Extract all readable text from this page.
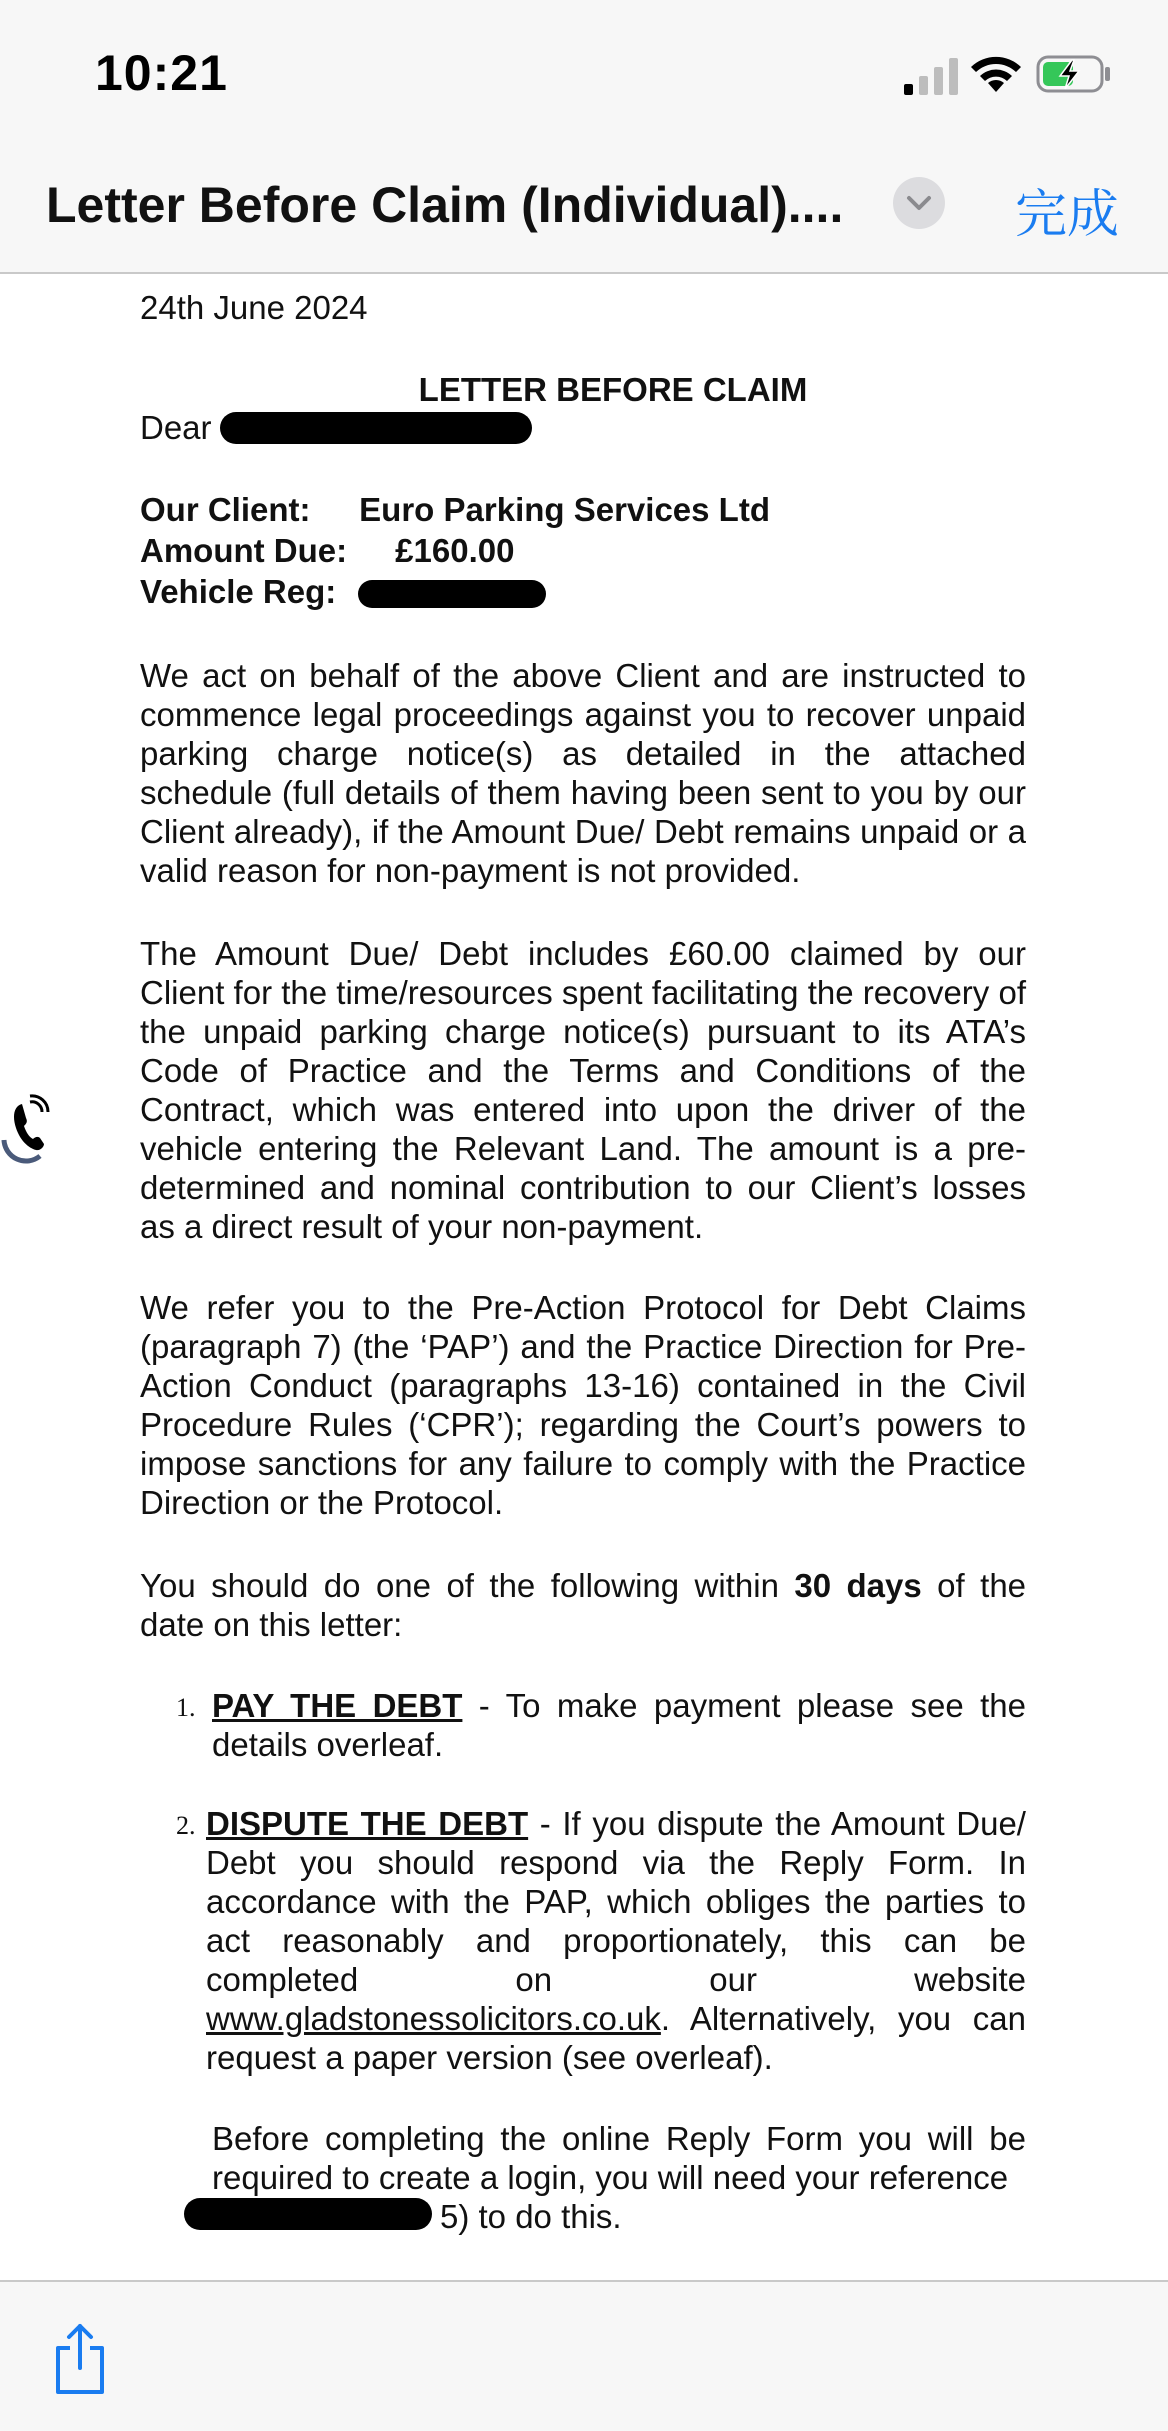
10:21
Letter Before Claim (Individual)....	完成
24th June 2024
LETTER BEFORE CLAIM
Dear
Our Client: Euro Parking Services Ltd
Amount Due: £160.00
Vehicle Reg:
We act on behalf of the above Client and are instructed to commence legal proceedings against you to recover unpaid parking charge notice(s) as detailed in the attached schedule (full details of them having been sent to you by our Client already), if the Amount Due/ Debt remains unpaid or a valid reason for non-payment is not provided.
The Amount Due/ Debt includes £60.00 claimed by our Client for the time/resources spent facilitating the recovery of the unpaid parking charge notice(s) pursuant to its ATA’s Code of Practice and the Terms and Conditions of the Contract, which was entered into upon the driver of the vehicle entering the Relevant Land. The amount is a pre-determined and nominal contribution to our Client’s losses as a direct result of your non-payment.
We refer you to the Pre-Action Protocol for Debt Claims (paragraph 7) (the ‘PAP’) and the Practice Direction for Pre-Action Conduct (paragraphs 13-16) contained in the Civil Procedure Rules (‘CPR’); regarding the Court’s powers to impose sanctions for any failure to comply with the Practice Direction or the Protocol.
You should do one of the following within 30 days of the date on this letter:
1. PAY THE DEBT - To make payment please see the details overleaf.
2. DISPUTE THE DEBT - If you dispute the Amount Due/ Debt you should respond via the Reply Form. In accordance with the PAP, which obliges the parties to act reasonably and proportionately, this can be completed on our website www.gladstonessolicitors.co.uk. Alternatively, you can request a paper version (see overleaf).
Before completing the online Reply Form you will be required to create a login, you will need your reference
5) to do this.
